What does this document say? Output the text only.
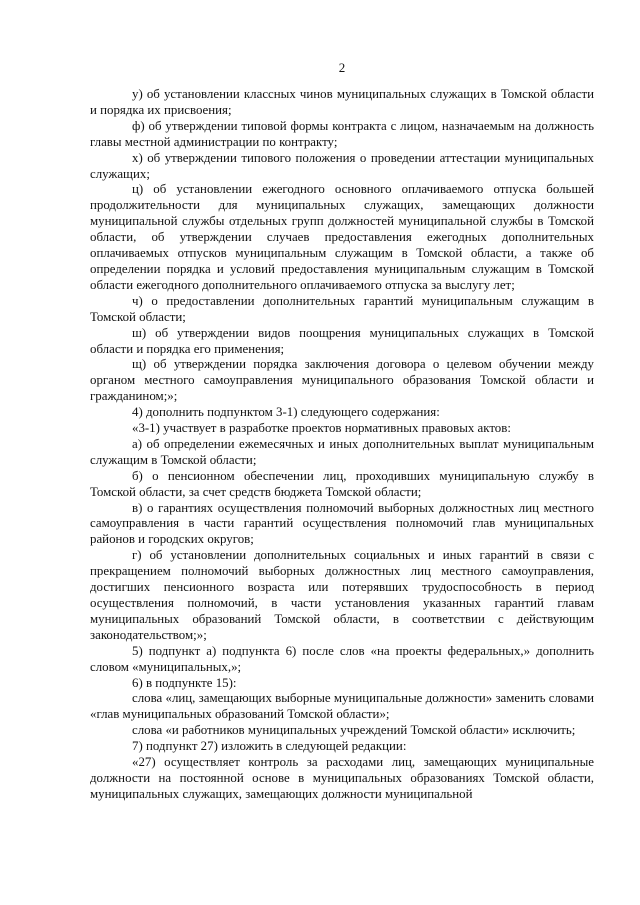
2

у) об установлении классных чинов муниципальных служащих в Томской области и порядка их присвоения;

ф) об утверждении типовой формы контракта с лицом, назначаемым на должность главы местной администрации по контракту;

х) об утверждении типового положения о проведении аттестации муниципальных служащих;

ц) об установлении ежегодного основного оплачиваемого отпуска большей продолжительности для муниципальных служащих, замещающих должности муниципальной службы отдельных групп должностей муниципальной службы в Томской области, об утверждении случаев предоставления ежегодных дополнительных оплачиваемых отпусков муниципальным служащим в Томской области, а также об определении порядка и условий предоставления муниципальным служащим в Томской области ежегодного дополнительного оплачиваемого отпуска за выслугу лет;

ч) о предоставлении дополнительных гарантий муниципальным служащим в Томской области;

ш) об утверждении видов поощрения муниципальных служащих в Томской области и порядка его применения;

щ) об утверждении порядка заключения договора о целевом обучении между органом местного самоуправления муниципального образования Томской области и гражданином;»;

4) дополнить подпунктом 3-1) следующего содержания:

«3-1) участвует в разработке проектов нормативных правовых актов:

а) об определении ежемесячных и иных дополнительных выплат муниципальным служащим в Томской области;

б) о пенсионном обеспечении лиц, проходивших муниципальную службу в Томской области, за счет средств бюджета Томской области;

в) о гарантиях осуществления полномочий выборных должностных лиц местного самоуправления в части гарантий осуществления полномочий глав муниципальных районов и городских округов;

г) об установлении дополнительных социальных и иных гарантий в связи с прекращением полномочий выборных должностных лиц местного самоуправления, достигших пенсионного возраста или потерявших трудоспособность в период осуществления полномочий, в части установления указанных гарантий главам муниципальных образований Томской области, в соответствии с действующим законодательством;»;

5) подпункт а) подпункта 6) после слов «на проекты федеральных,» дополнить словом «муниципальных,»;

6) в подпункте 15):

слова «лиц, замещающих выборные муниципальные должности» заменить словами «глав муниципальных образований Томской области»;

слова «и работников муниципальных учреждений Томской области» исключить;

7) подпункт 27) изложить в следующей редакции:

«27) осуществляет контроль за расходами лиц, замещающих муниципальные должности на постоянной основе в муниципальных образованиях Томской области, муниципальных служащих, замещающих должности муниципальной
